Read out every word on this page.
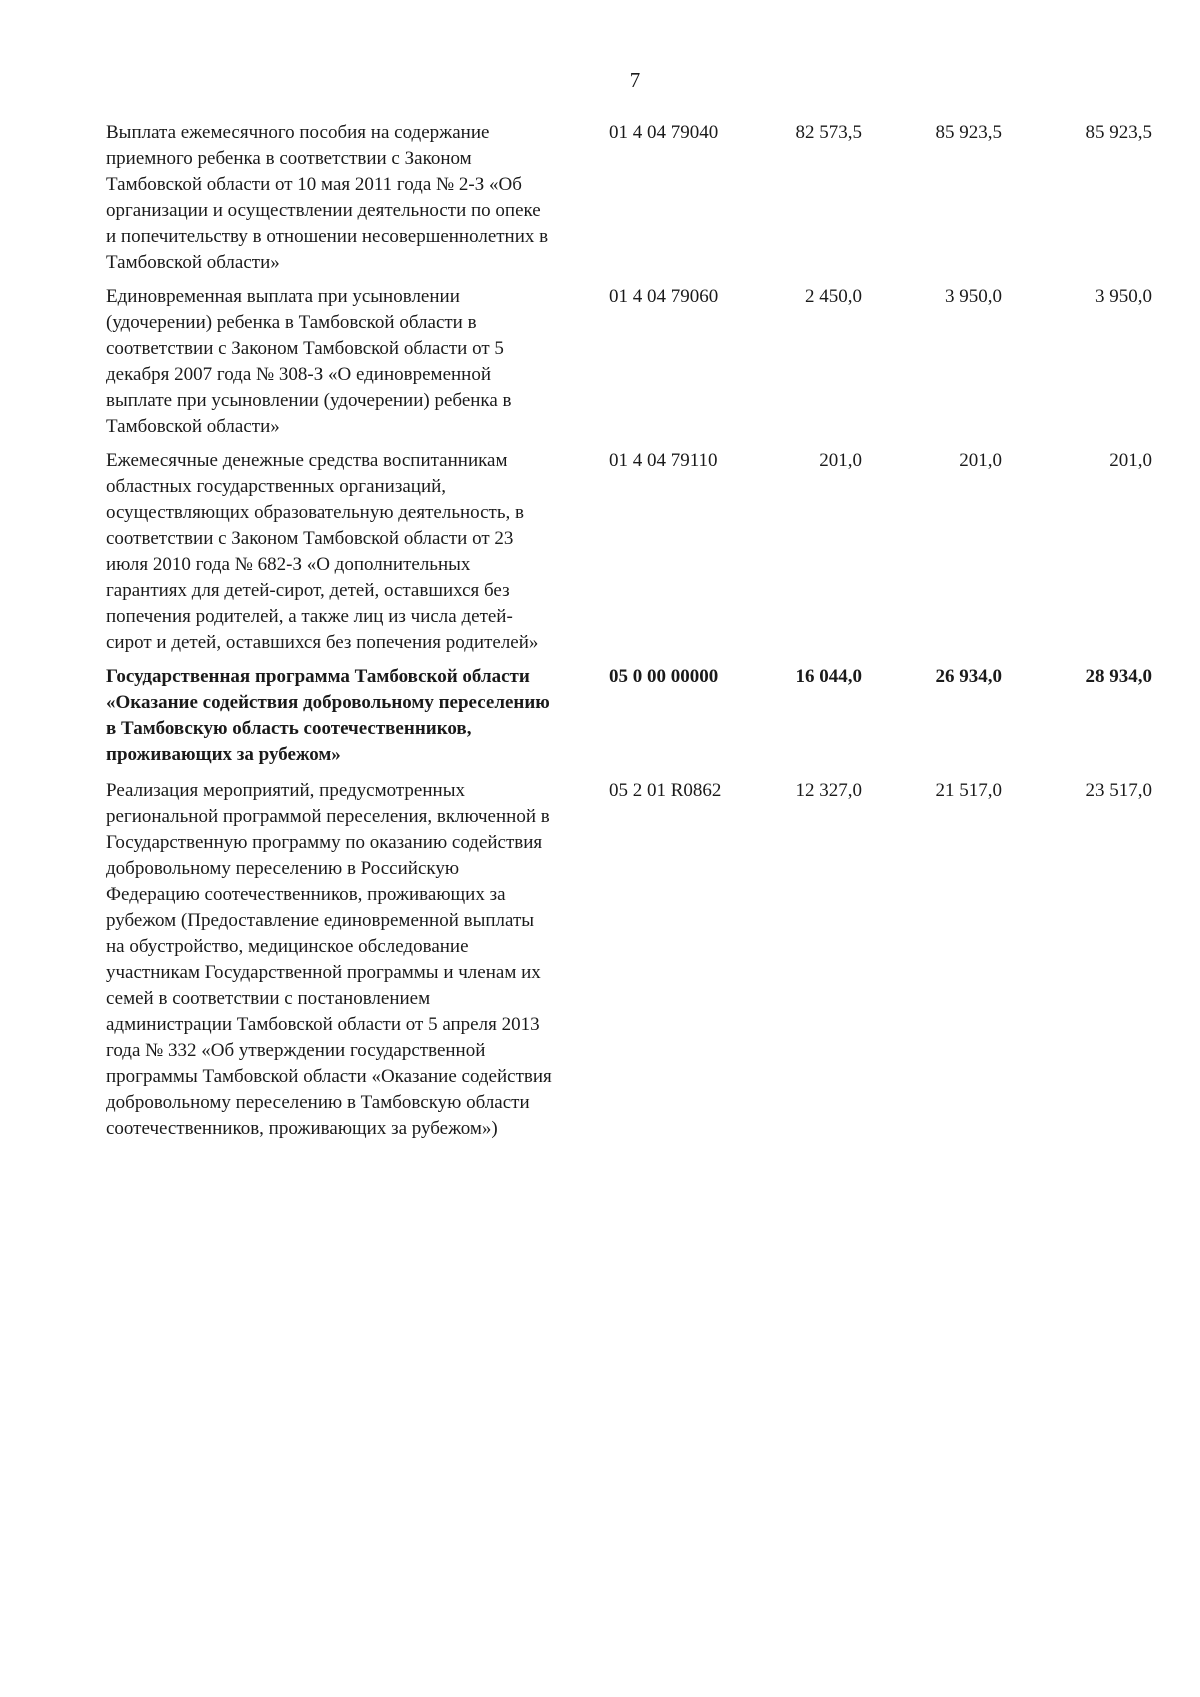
7
Выплата ежемесячного пособия на содержание приемного ребенка в соответствии с Законом Тамбовской области от 10 мая 2011 года № 2-З «Об организации и осуществлении деятельности по опеке и попечительству в отношении несовершеннолетних в Тамбовской области»
01 4 04 79040	82 573,5	85 923,5	85 923,5
Единовременная выплата при усыновлении (удочерении) ребенка в Тамбовской области в соответствии с Законом Тамбовской области от 5 декабря 2007 года № 308-З «О единовременной выплате при усыновлении (удочерении) ребенка в Тамбовской области»
01 4 04 79060	2 450,0	3 950,0	3 950,0
Ежемесячные денежные средства воспитанникам областных государственных организаций, осуществляющих образовательную деятельность, в соответствии с Законом Тамбовской области от 23 июля 2010 года № 682-З «О дополнительных гарантиях для детей-сирот, детей, оставшихся без попечения родителей, а также лиц из числа детей-сирот и детей, оставшихся без попечения родителей»
01 4 04 79110	201,0	201,0	201,0
Государственная программа Тамбовской области «Оказание содействия добровольному переселению в Тамбовскую область соотечественников, проживающих за рубежом»
05 0 00 00000	16 044,0	26 934,0	28 934,0
Реализация мероприятий, предусмотренных региональной программой переселения, включенной в Государственную программу по оказанию содействия добровольному переселению в Российскую Федерацию соотечественников, проживающих за рубежом (Предоставление единовременной выплаты на обустройство, медицинское обследование участникам Государственной программы и членам их семей в соответствии с постановлением администрации Тамбовской области от 5 апреля 2013 года № 332 «Об утверждении государственной программы Тамбовской области «Оказание содействия добровольному переселению в Тамбовскую области соотечественников, проживающих за рубежом»)
05 2 01 R0862	12 327,0	21 517,0	23 517,0
